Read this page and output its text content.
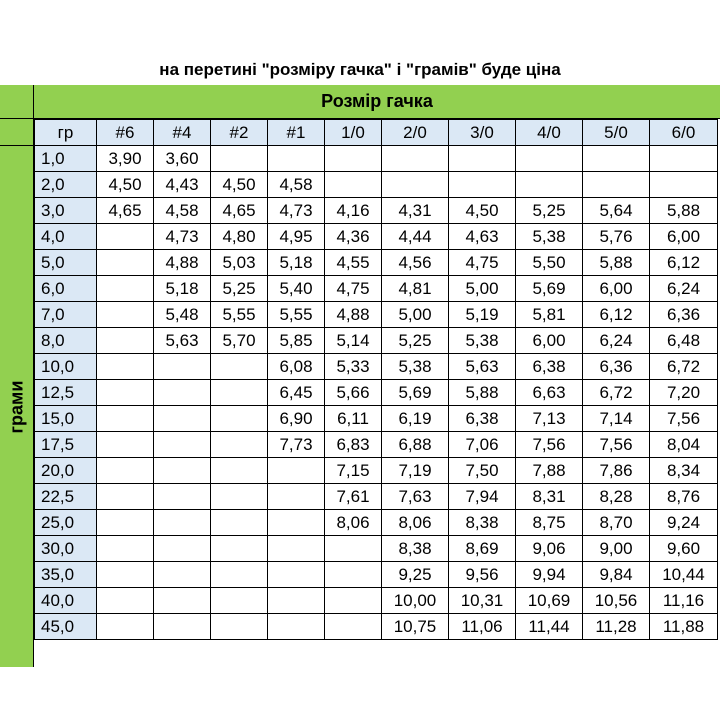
на перетині "розміру гачка" і "грамів" буде ціна
Розмір гачка
грами
гр	#6	#4	#2	#1	1/0	2/0	3/0	4/0	5/0	6/0
1,0	3,90	3,60								
2,0	4,50	4,43	4,50	4,58						
3,0	4,65	4,58	4,65	4,73	4,16	4,31	4,50	5,25	5,64	5,88
4,0		4,73	4,80	4,95	4,36	4,44	4,63	5,38	5,76	6,00
5,0		4,88	5,03	5,18	4,55	4,56	4,75	5,50	5,88	6,12
6,0		5,18	5,25	5,40	4,75	4,81	5,00	5,69	6,00	6,24
7,0		5,48	5,55	5,55	4,88	5,00	5,19	5,81	6,12	6,36
8,0		5,63	5,70	5,85	5,14	5,25	5,38	6,00	6,24	6,48
10,0				6,08	5,33	5,38	5,63	6,38	6,36	6,72
12,5				6,45	5,66	5,69	5,88	6,63	6,72	7,20
15,0				6,90	6,11	6,19	6,38	7,13	7,14	7,56
17,5				7,73	6,83	6,88	7,06	7,56	7,56	8,04
20,0					7,15	7,19	7,50	7,88	7,86	8,34
22,5					7,61	7,63	7,94	8,31	8,28	8,76
25,0					8,06	8,06	8,38	8,75	8,70	9,24
30,0						8,38	8,69	9,06	9,00	9,60
35,0						9,25	9,56	9,94	9,84	10,44
40,0						10,00	10,31	10,69	10,56	11,16
45,0						10,75	11,06	11,44	11,28	11,88
